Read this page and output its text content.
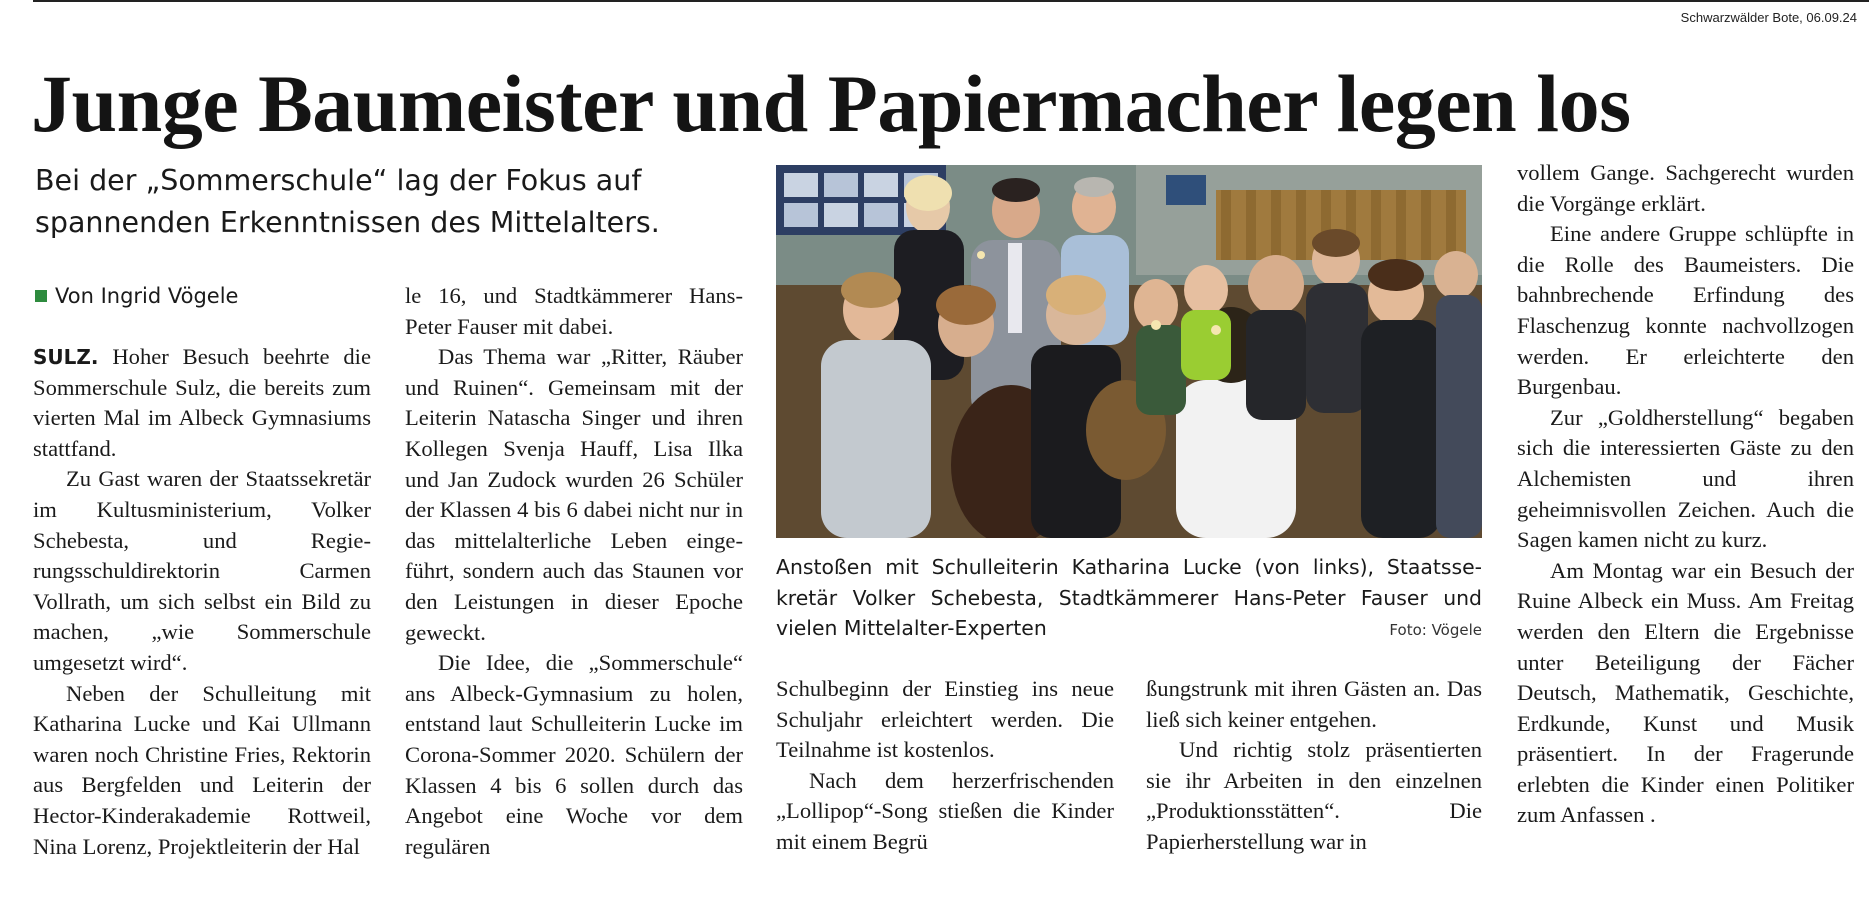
Schwarzwälder Bote, 06.09.24
Junge Baumeister und Papiermacher legen los
Bei der „Sommerschule“ lag der Fokus auf spannenden Erkenntnissen des Mittelalters.
Von Ingrid Vögele

SULZ. Hoher Besuch beehrte die Sommerschule Sulz, die bereits zum vierten Mal im Albeck Gymnasiums stattfand.

Zu Gast waren der Staatssekretär im Kultusministerium, Volker Schebesta, und Regierungsschuldirektorin Carmen Vollrath, um sich selbst ein Bild zu machen, „wie Sommerschule umgesetzt wird“.

Neben der Schulleitung mit Katharina Lucke und Kai Ullmann waren noch Christine Fries, Rektorin aus Bergfelden und Leiterin der Hector-Kinderakademie Rottweil, Nina Lorenz, Projektleiterin der Hal

le 16, und Stadtkämmerer Hans-Peter Fauser mit dabei.

Das Thema war „Ritter, Räuber und Ruinen“. Gemeinsam mit der Leiterin Natascha Singer und ihren Kollegen Svenja Hauff, Lisa Ilka und Jan Zudock wurden 26 Schüler der Klassen 4 bis 6 dabei nicht nur in das mittelalterliche Leben eingeführt, sondern auch das Staunen vor den Leistungen in dieser Epoche geweckt.

Die Idee, die „Sommerschule“ ans Albeck-Gymnasium zu holen, entstand laut Schulleiterin Lucke im Corona-Sommer 2020. Schülern der Klassen 4 bis 6 sollen durch das Angebot eine Woche vor dem regulären

Anstoßen mit Schulleiterin Katharina Lucke (von links), Staatssekretär Volker Schebesta, Stadtkämmerer Hans-Peter Fauser und vielen Mittelalter-Experten	Foto: Vögele

Schulbeginn der Einstieg ins neue Schuljahr erleichtert werden. Die Teilnahme ist kostenlos.

Nach dem herzerfrischenden „Lollipop“-Song stießen die Kinder mit einem Begrü

ßungstrunk mit ihren Gästen an. Das ließ sich keiner entgehen.

Und richtig stolz präsentierten sie ihr Arbeiten in den einzelnen „Produktionsstätten“. Die Papierherstellung war in

vollem Gange. Sachgerecht wurden die Vorgänge erklärt.

Eine andere Gruppe schlüpfte in die Rolle des Baumeisters. Die bahnbrechende Erfindung des Flaschenzug konnte nachvollzogen werden. Er erleichterte den Burgenbau.

Zur „Goldherstellung“ begaben sich die interessierten Gäste zu den Alchemisten und ihren geheimnisvollen Zeichen. Auch die Sagen kamen nicht zu kurz.

Am Montag war ein Besuch der Ruine Albeck ein Muss. Am Freitag werden den Eltern die Ergebnisse unter Beteiligung der Fächer Deutsch, Mathematik, Geschichte, Erdkunde, Kunst und Musik präsentiert. In der Fragerunde erlebten die Kinder einen Politiker zum Anfassen .
